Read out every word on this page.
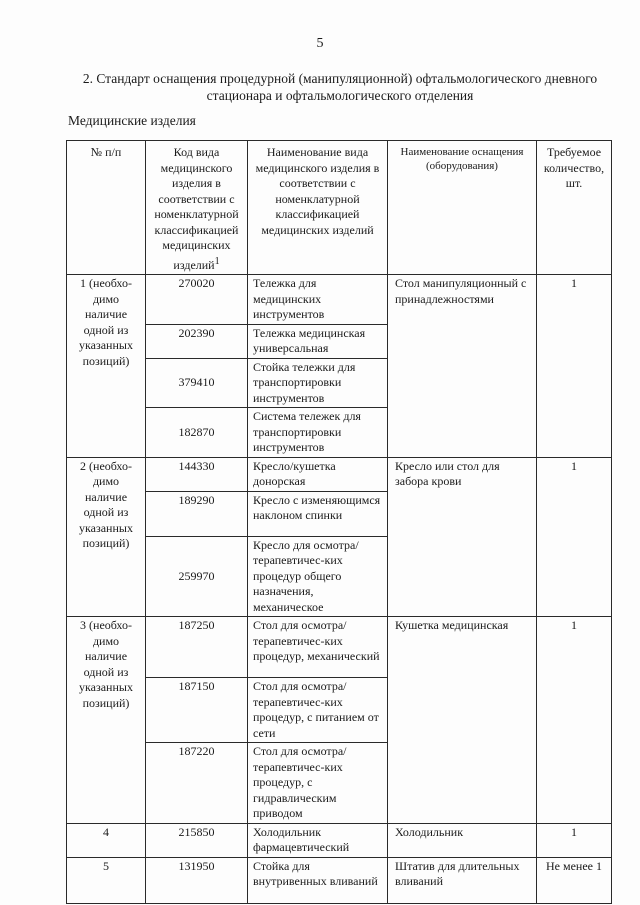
5
2. Стандарт оснащения процедурной (манипуляционной) офтальмологического дневного
стационара и офтальмологического отделения
Медицинские изделия
№ п/п	Код вида медицинского изделия в соответствии с номенклатурной классификацией медицинских изделий$^1$	Наименование вида медицинского изделия в соответствии с номенклатурной классификацией медицинских изделий	Наименование оснащения (оборудования)	Требуемое количество, шт.
1 (необхо-димо наличие одной из указанных позиций)	270020	Тележка для медицинских инструментов	Стол манипуляционный с принадлежностями	1
	202390	Тележка медицинская универсальная		
	379410	Стойка тележки для транспортировки инструментов		
	182870	Система тележек для транспортировки инструментов		
2 (необхо-димо наличие одной из указанных позиций)	144330	Кресло/кушетка донорская	Кресло или стол для забора крови	1
	189290	Кресло с изменяющимся наклоном спинки		
	259970	Кресло для осмотра/терапевтичес-ких процедур общего назначения, механическое		
3 (необхо-димо наличие одной из указанных позиций)	187250	Стол для осмотра/терапевтичес-ких процедур, механический	Кушетка медицинская	1
	187150	Стол для осмотра/терапевтичес-ких процедур, с питанием от сети		
	187220	Стол для осмотра/терапевтичес-ких процедур, с гидравлическим приводом		
4	215850	Холодильник фармацевтический	Холодильник	1
5	131950	Стойка для внутривенных вливаний	Штатив для длительных вливаний	Не менее 1
